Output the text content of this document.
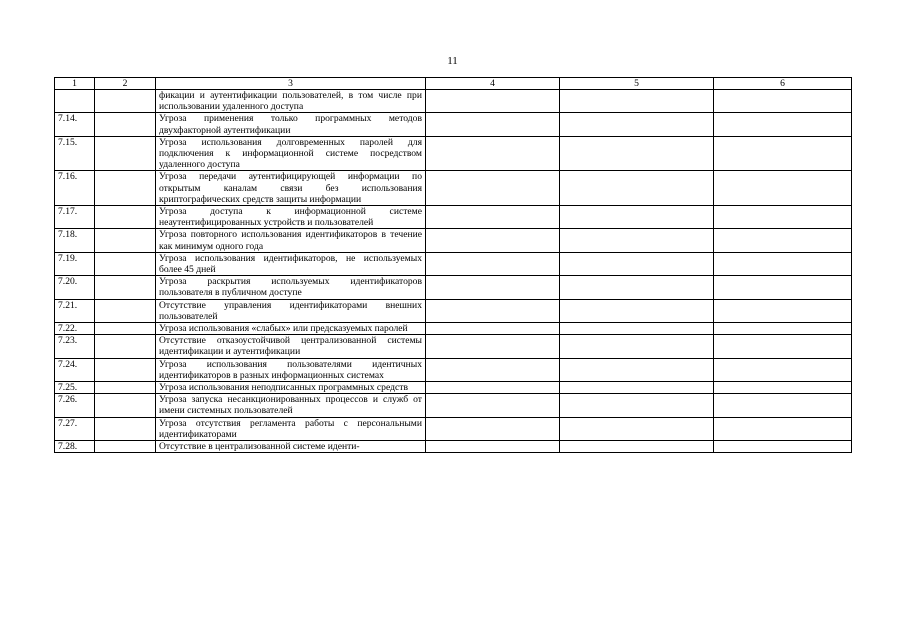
11
1	2	3	4	5	6
		фикации и аутентификации пользователей, в том числе при использовании удаленного доступа			
7.14.		Угроза применения только программных методов двухфакторной аутентификации			
7.15.		Угроза использования долговременных паролей для подключения к информационной системе посредством удаленного доступа			
7.16.		Угроза передачи аутентифицирующей информации по открытым каналам связи без использования криптографических средств защиты информации			
7.17.		Угроза доступа к информационной системе неаутентифицированных устройств и пользователей			
7.18.		Угроза повторного использования идентификаторов в течение как минимум одного года			
7.19.		Угроза использования идентификаторов, не используемых более 45 дней			
7.20.		Угроза раскрытия используемых идентификаторов пользователя в публичном доступе			
7.21.		Отсутствие управления идентификаторами внешних пользователей			
7.22.		Угроза использования «слабых» или предсказуемых паролей			
7.23.		Отсутствие отказоустойчивой централизованной системы идентификации и аутентификации			
7.24.		Угроза использования пользователями идентичных идентификаторов в разных информационных системах			
7.25.		Угроза использования неподписанных программных средств			
7.26.		Угроза запуска несанкционированных процессов и служб от имени системных пользователей			
7.27.		Угроза отсутствия регламента работы с персональными идентификаторами			
7.28.		Отсутствие в централизованной системе иденти-			
